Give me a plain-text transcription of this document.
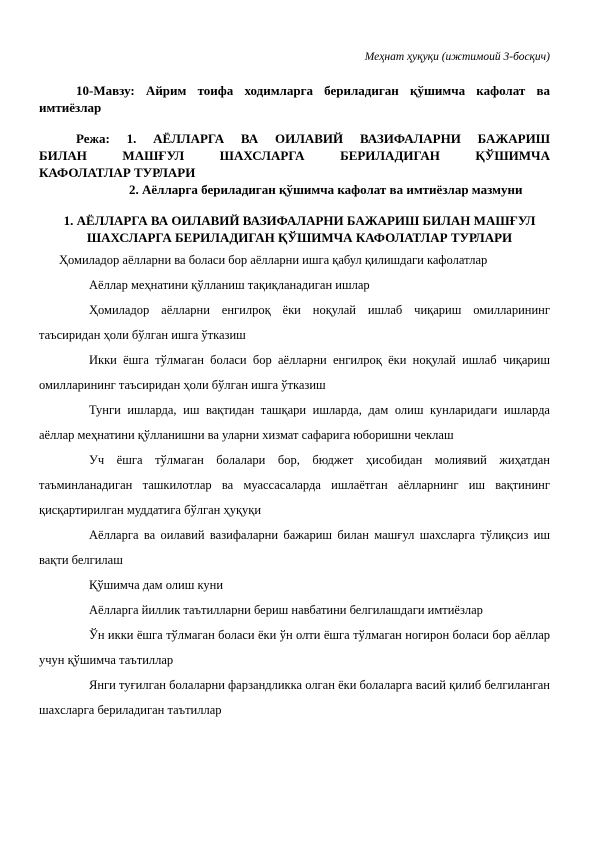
Меҳнат ҳуқуқи (ижтимоий 3-босқич)

10-Мавзу: Айрим тоифа ходимларга бериладиган қўшимча кафолат ва имтиёзлар

Режа: 1. АЁЛЛАРГА ВА ОИЛАВИЙ ВАЗИФАЛАРНИ БАЖАРИШ

БИЛАН МАШҒУЛ ШАХСЛАРГА БЕРИЛАДИГАН ҚЎШИМЧА

КАФОЛАТЛАР ТУРЛАРИ

2. Аёлларга бериладиган қўшимча кафолат ва имтиёзлар мазмуни

1. АЁЛЛАРГА ВА ОИЛАВИЙ ВАЗИФАЛАРНИ БАЖАРИШ БИЛАН МАШҒУЛ ШАХСЛАРГА БЕРИЛАДИГАН ҚЎШИМЧА КАФОЛАТЛАР ТУРЛАРИ

Ҳомиладор аёлларни ва боласи бор аёлларни ишга қабул қилишдаги кафолатлар

Аёллар меҳнатини қўлланиш тақиқланадиган ишлар

Ҳомиладор аёлларни енгилроқ ёки ноқулай ишлаб чиқариш омилларининг таъсиридан ҳоли бўлган ишга ўтказиш

Икки ёшга тўлмаган боласи бор аёлларни енгилроқ ёки ноқулай ишлаб чиқариш омилларининг таъсиридан ҳоли бўлган ишга ўтказиш

Тунги ишларда, иш вақтидан ташқари ишларда, дам олиш кунларидаги ишларда аёллар меҳнатини қўлланишни ва уларни хизмат сафарига юборишни чеклаш

Уч ёшга тўлмаган болалари бор, бюджет ҳисобидан молиявий жиҳатдан таъминланадиган ташкилотлар ва муассасаларда ишлаётган аёлларнинг иш вақтининг қисқартирилган муддатига бўлган ҳуқуқи

Аёлларга ва оилавий вазифаларни бажариш билан машғул шахсларга тўлиқсиз иш вақти белгилаш

Қўшимча дам олиш куни

Аёлларга йиллик таътилларни бериш навбатини белгилашдаги имтиёзлар

Ўн икки ёшга тўлмаган боласи ёки ўн олти ёшга тўлмаган ногирон боласи бор аёллар учун қўшимча таътиллар

Янги туғилган болаларни фарзандликка олган ёки болаларга васий қилиб белгиланган шахсларга бериладиган таътиллар
